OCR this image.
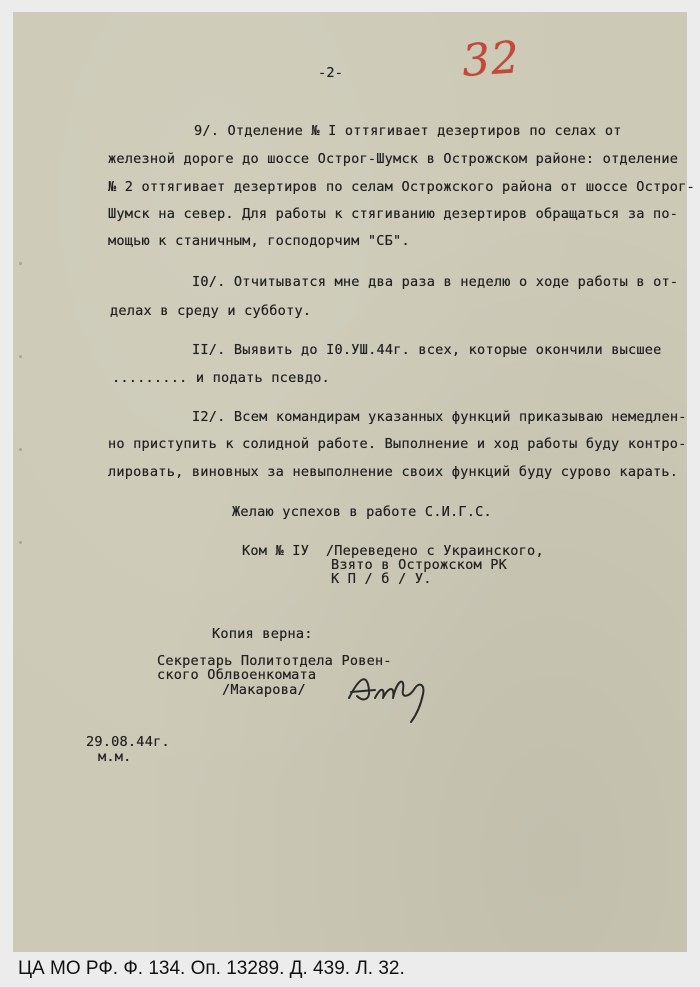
-2-	32
9/. Отделение № I оттягивает дезертиров по селах от
железной дороге до шоссе Острог-Шумск в Острожском районе: отделение
№ 2 оттягивает дезертиров по селам Острожского района от шоссе Острог-
Шумск на север. Для работы к стягиванию дезертиров обращаться за по-
мощью к станичным, господорчим "СБ".
I0/. Отчитыватся мне два раза в неделю о ходе работы в от-
делах в среду и субботу.
II/. Выявить до I0.УШ.44г. всех, которые окончили высшее
......... и подать псевдо.
I2/. Всем командирам указанных функций приказываю немедлен-
но приступить к солидной работе. Выполнение и ход работы буду контро-
лировать, виновных за невыполнение своих функций буду сурово карать.
Желаю успехов в работе С.И.Г.С.
Ком № IУ  /Переведено с Украинского,
Взято в Острожском РК
К П / б / У.
Копия верна:
Секретарь Политотдела Ровен-
ского Облвоенкомата
/Макарова/
29.08.44г.
м.м.
ЦА МО РФ. Ф. 134. Оп. 13289. Д. 439. Л. 32.
